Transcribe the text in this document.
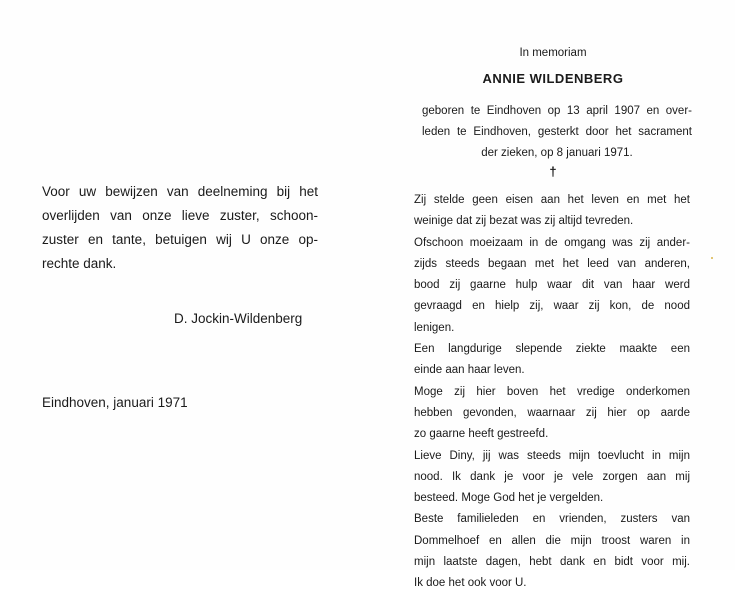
Voor uw bewijzen van deelneming bij het
overlijden van onze lieve zuster, schoon-
zuster en tante, betuigen wij U onze op-
rechte dank.
D. Jockin-Wildenberg
Eindhoven, januari 1971
In memoriam
ANNIE WILDENBERG
geboren te Eindhoven op 13 april 1907 en over-
leden te Eindhoven, gesterkt door het sacrament
der zieken, op 8 januari 1971.
†
Zij stelde geen eisen aan het leven en met het
weinige dat zij bezat was zij altijd tevreden.
Ofschoon moeizaam in de omgang was zij ander-
zijds steeds begaan met het leed van anderen,
bood zij gaarne hulp waar dit van haar werd
gevraagd en hielp zij, waar zij kon, de nood
lenigen.
Een langdurige slepende ziekte maakte een
einde aan haar leven.
Moge zij hier boven het vredige onderkomen
hebben gevonden, waarnaar zij hier op aarde
zo gaarne heeft gestreefd.
Lieve Diny, jij was steeds mijn toevlucht in mijn
nood. Ik dank je voor je vele zorgen aan mij
besteed. Moge God het je vergelden.
Beste familieleden en vrienden, zusters van
Dommelhoef en allen die mijn troost waren in
mijn laatste dagen, hebt dank en bidt voor mij.
Ik doe het ook voor U.
